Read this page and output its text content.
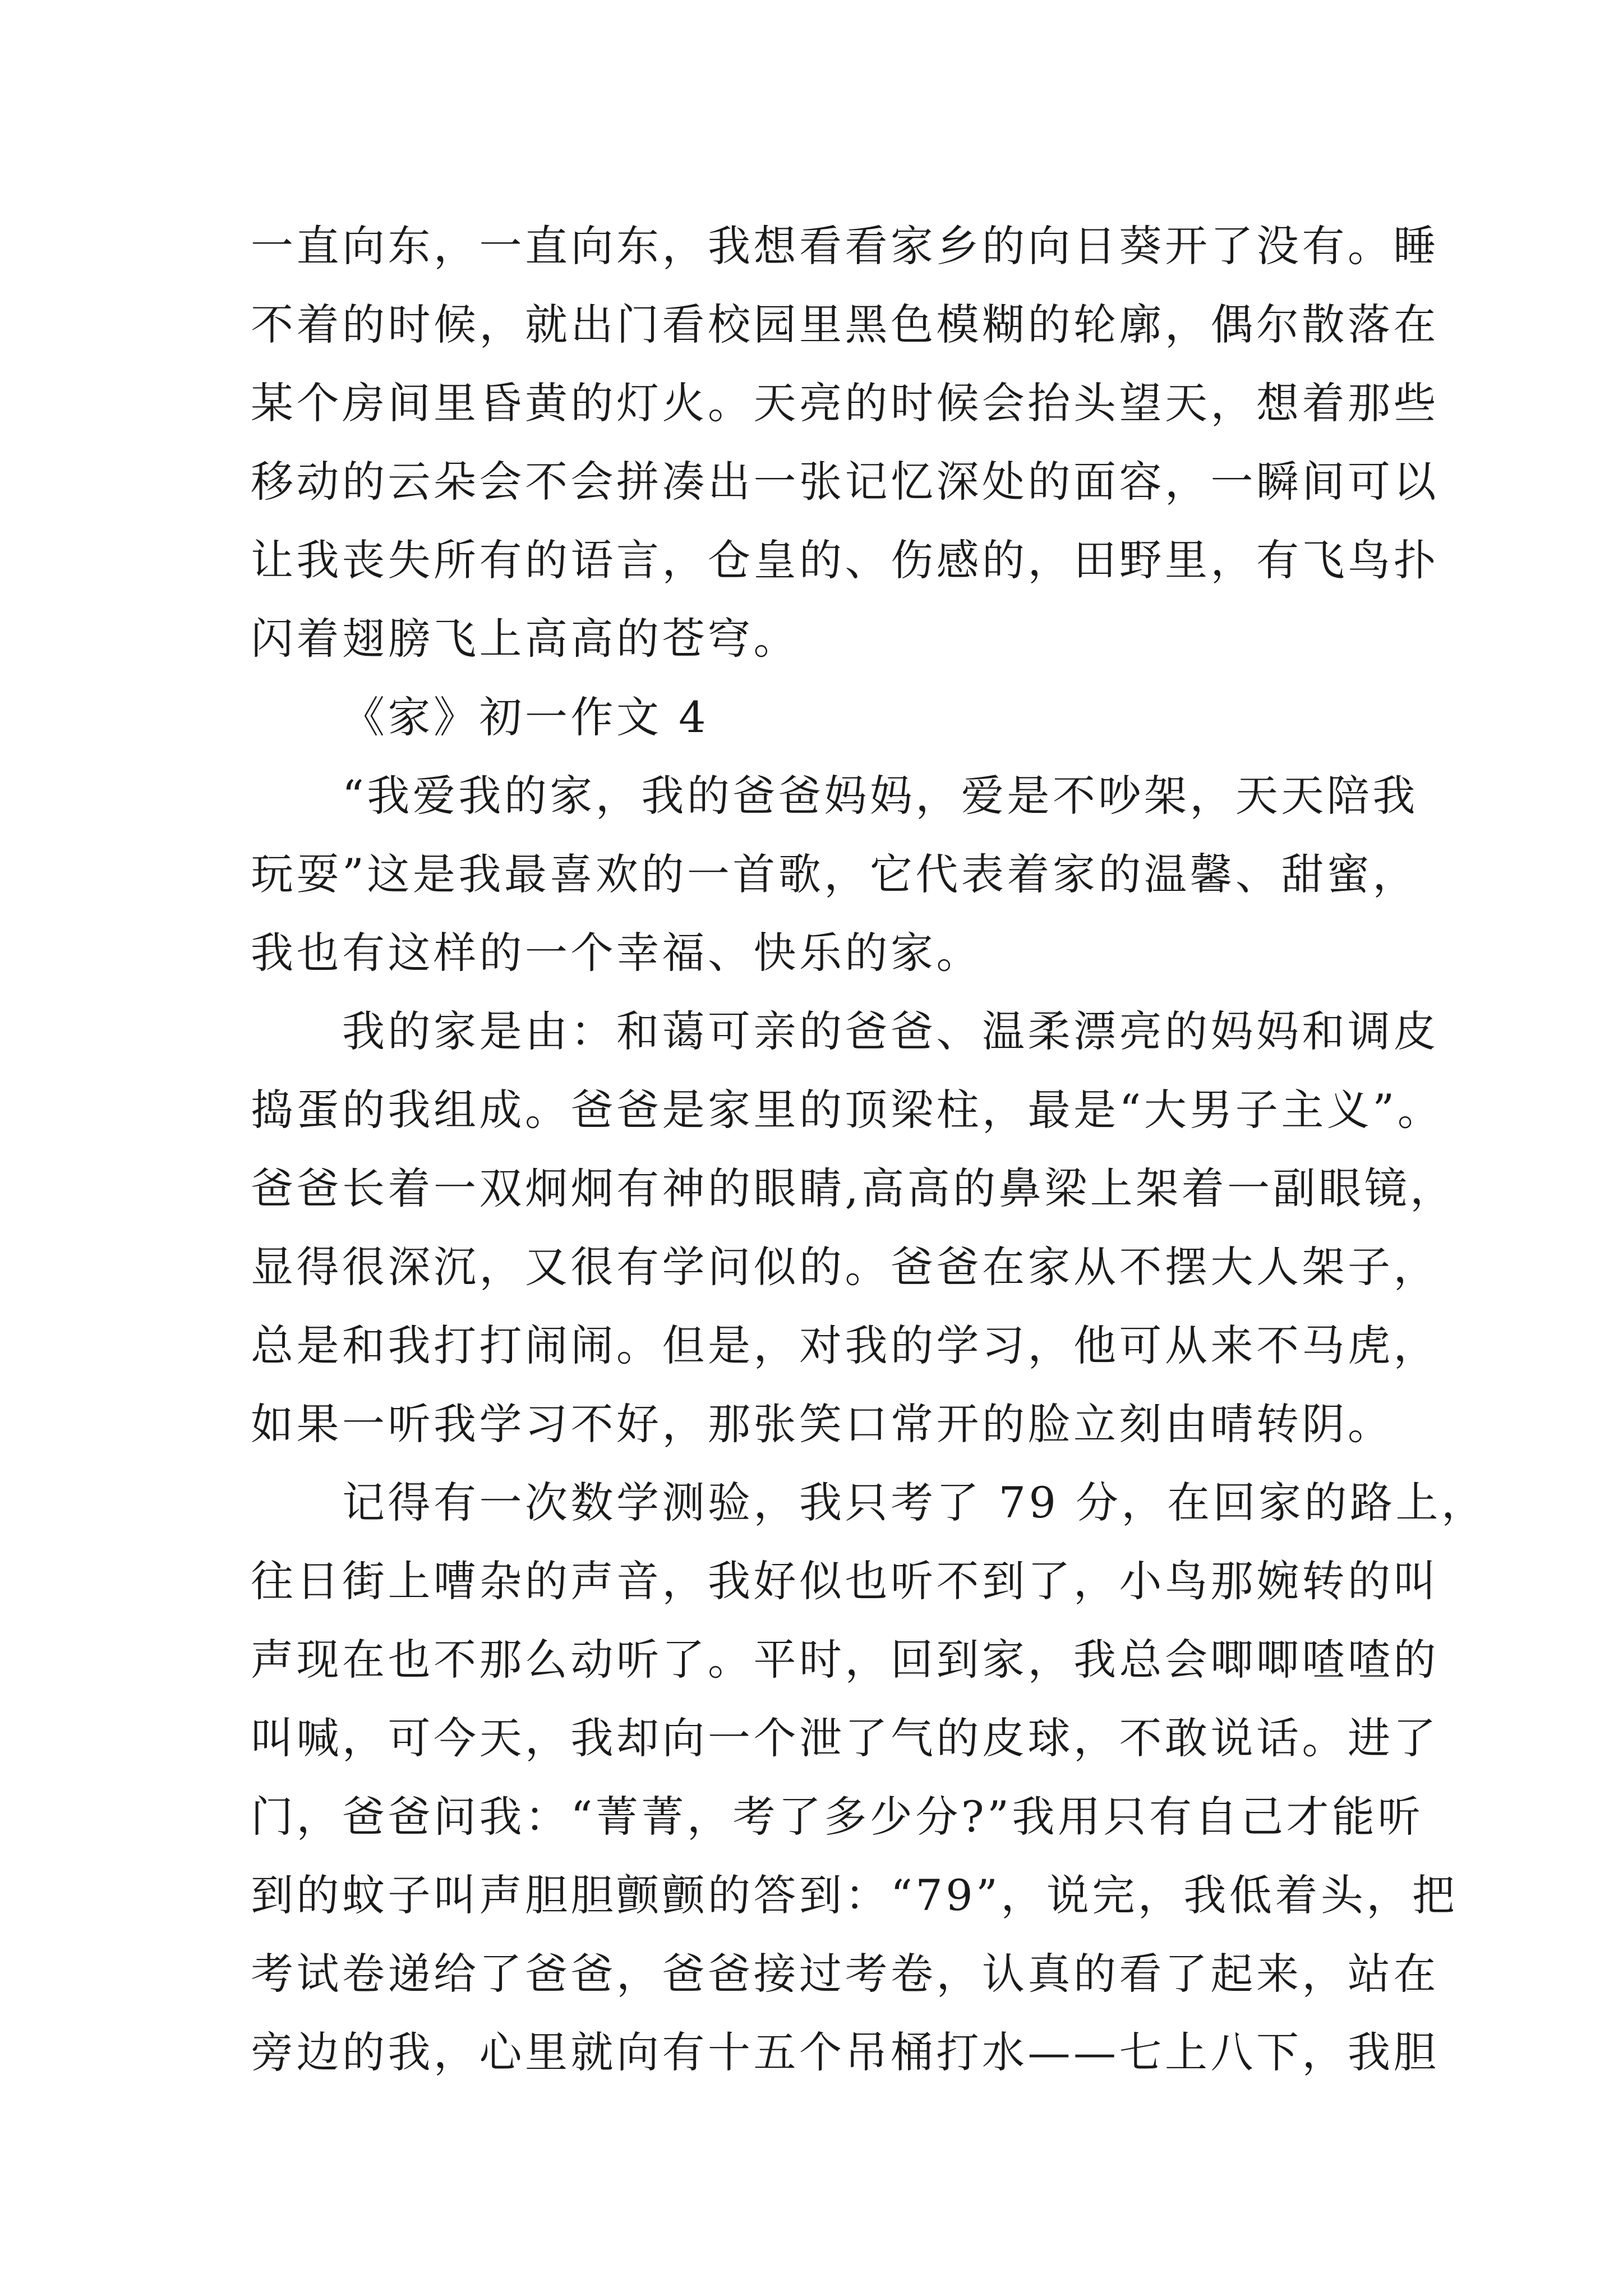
一直向东，一直向东，我想看看家乡的向日葵开了没有。睡
不着的时候，就出门看校园里黑色模糊的轮廓，偶尔散落在
某个房间里昏黄的灯火。天亮的时候会抬头望天，想着那些
移动的云朵会不会拼凑出一张记忆深处的面容，一瞬间可以
让我丧失所有的语言，仓皇的、伤感的，田野里，有飞鸟扑
闪着翅膀飞上高高的苍穹。
《家》初一作文 4
“我爱我的家，我的爸爸妈妈，爱是不吵架，天天陪我
玩耍”这是我最喜欢的一首歌，它代表着家的温馨、甜蜜，
我也有这样的一个幸福、快乐的家。
我的家是由：和蔼可亲的爸爸、温柔漂亮的妈妈和调皮
捣蛋的我组成。爸爸是家里的顶梁柱，最是“大男子主义”。
爸爸长着一双炯炯有神的眼睛,高高的鼻梁上架着一副眼镜，
显得很深沉，又很有学问似的。爸爸在家从不摆大人架子，
总是和我打打闹闹。但是，对我的学习，他可从来不马虎，
如果一听我学习不好，那张笑口常开的脸立刻由晴转阴。
记得有一次数学测验，我只考了 79 分，在回家的路上，
往日街上嘈杂的声音，我好似也听不到了，小鸟那婉转的叫
声现在也不那么动听了。平时，回到家，我总会唧唧喳喳的
叫喊，可今天，我却向一个泄了气的皮球，不敢说话。进了
门，爸爸问我：“菁菁，考了多少分?”我用只有自己才能听
到的蚊子叫声胆胆颤颤的答到：“79”，说完，我低着头，把
考试卷递给了爸爸，爸爸接过考卷，认真的看了起来，站在
旁边的我，心里就向有十五个吊桶打水——七上八下，我胆
